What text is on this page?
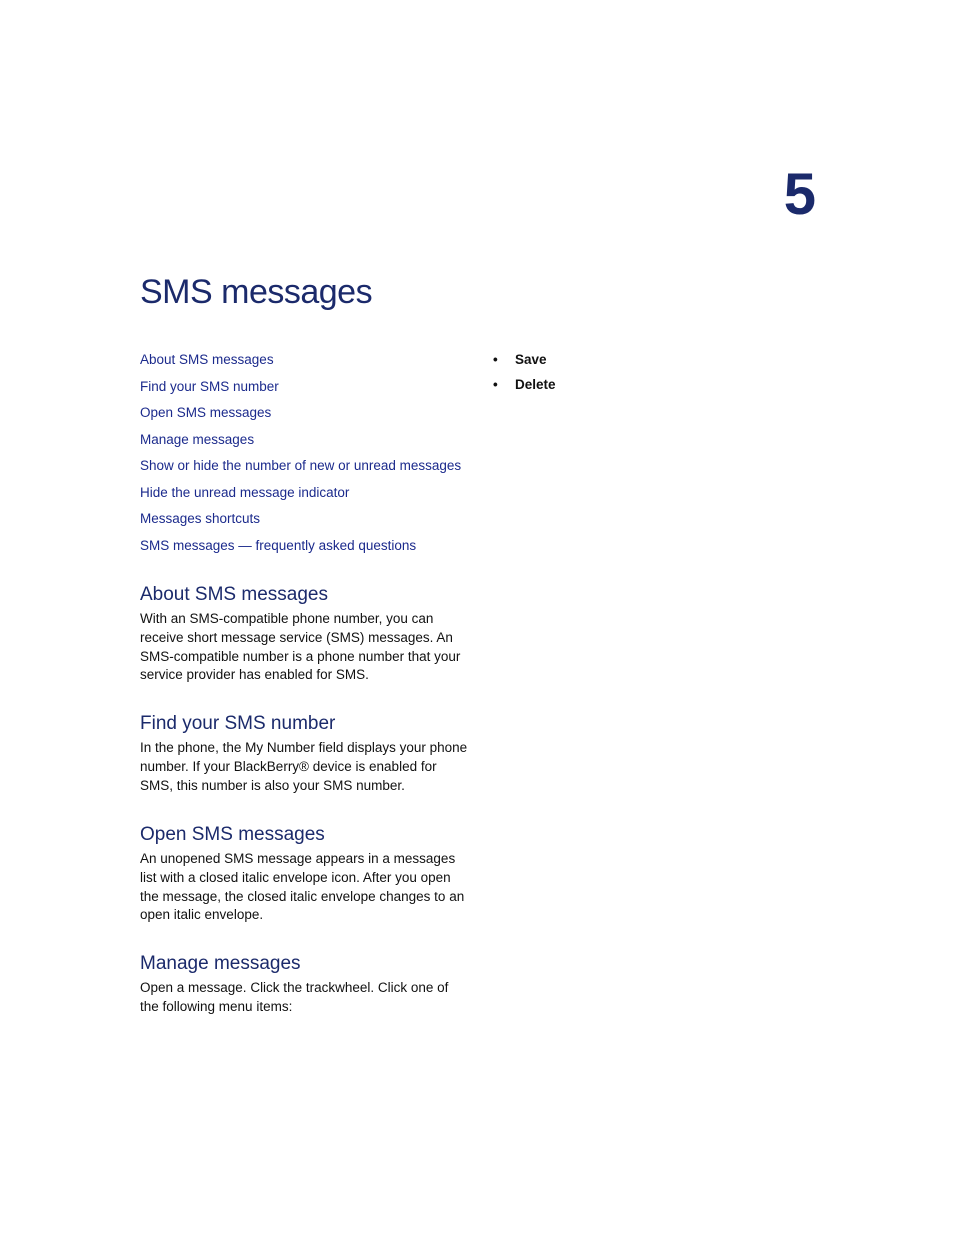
5
SMS messages
About SMS messages
Find your SMS number
Open SMS messages
Manage messages
Show or hide the number of new or unread messages
Hide the unread message indicator
Messages shortcuts
SMS messages — frequently asked questions
• Save
• Delete
About SMS messages

With an SMS-compatible phone number, you can receive short message service (SMS) messages. An SMS-compatible number is a phone number that your service provider has enabled for SMS.

Find your SMS number

In the phone, the My Number field displays your phone number. If your BlackBerry® device is enabled for SMS, this number is also your SMS number.

Open SMS messages

An unopened SMS message appears in a messages list with a closed italic envelope icon. After you open the message, the closed italic envelope changes to an open italic envelope.

Manage messages

Open a message. Click the trackwheel. Click one of the following menu items:
